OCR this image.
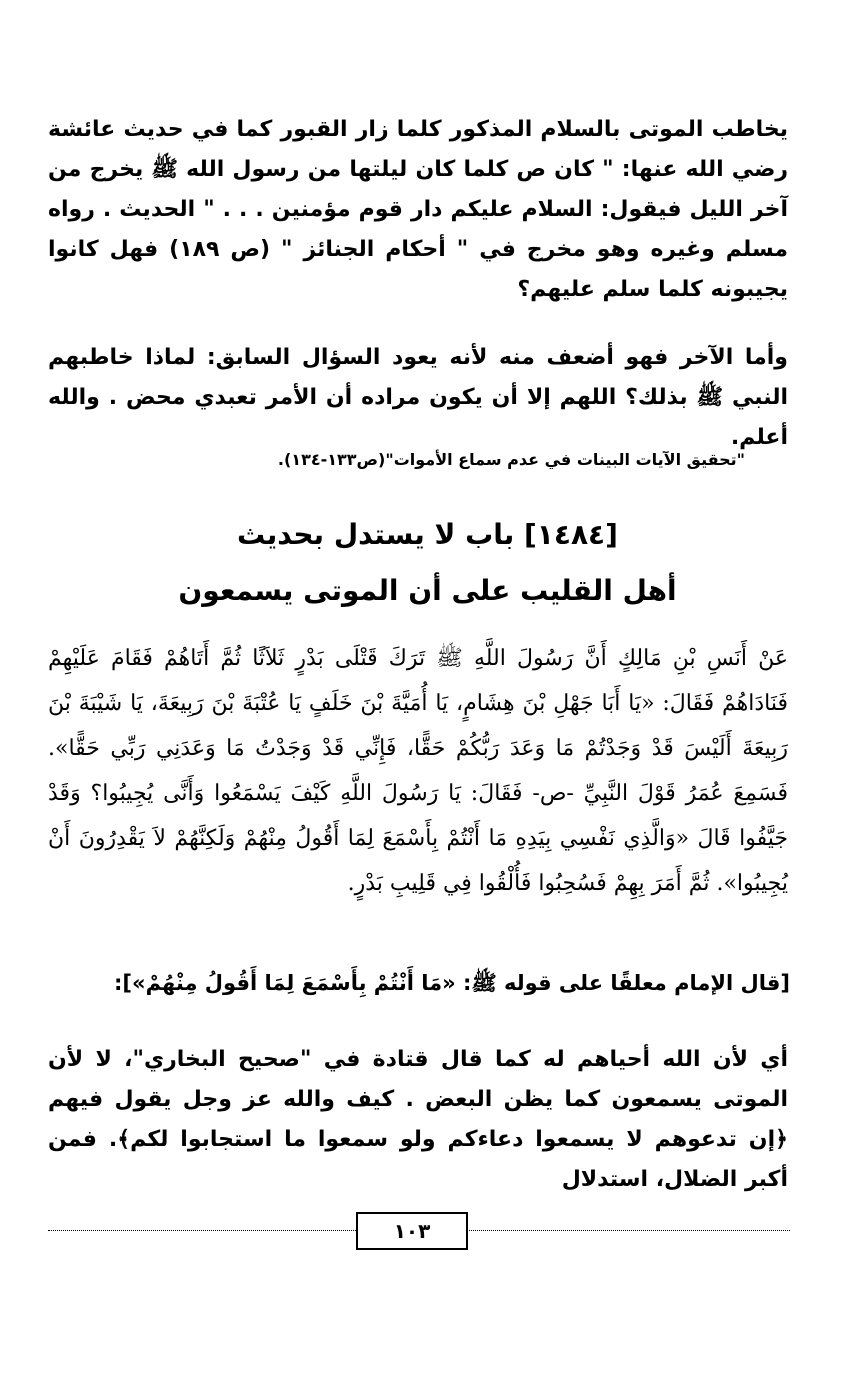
يخاطب الموتى بالسلام المذكور كلما زار القبور كما في حديث عائشة رضي الله عنها: " كان ص كلما كان ليلتها من رسول الله ﷺ يخرج من آخر الليل فيقول: السلام عليكم دار قوم مؤمنين . . . " الحديث . رواه مسلم وغيره وهو مخرج في " أحكام الجنائز " (ص ١٨٩) فهل كانوا يجيبونه كلما سلم عليهم؟
وأما الآخر فهو أضعف منه لأنه يعود السؤال السابق: لماذا خاطبهم النبي ﷺ بذلك؟ اللهم إلا أن يكون مراده أن الأمر تعبدي محض . والله أعلم.
"تحقيق الآيات البينات في عدم سماع الأموات"(ص١٣٣-١٣٤).
[١٤٨٤] باب لا يستدل بحديث
أهل القليب على أن الموتى يسمعون
عَنْ أَنَسِ بْنِ مَالِكٍ أَنَّ رَسُولَ اللَّهِ ﷺ تَرَكَ قَتْلَى بَدْرٍ ثَلاَثًا ثُمَّ أَتَاهُمْ فَقَامَ عَلَيْهِمْ فَنَادَاهُمْ فَقَالَ: «يَا أَبَا جَهْلِ بْنَ هِشَامٍ، يَا أُمَيَّةَ بْنَ خَلَفٍ يَا عُتْبَةَ بْنَ رَبِيعَةَ، يَا شَيْبَةَ بْنَ رَبِيعَةَ أَلَيْسَ قَدْ وَجَدْتُمْ مَا وَعَدَ رَبُّكُمْ حَقًّا، فَإِنِّي قَدْ وَجَدْتُ مَا وَعَدَنِي رَبِّي حَقًّا». فَسَمِعَ عُمَرُ قَوْلَ النَّبِيِّ -ص- فَقَالَ: يَا رَسُولَ اللَّهِ كَيْفَ يَسْمَعُوا وَأَنَّى يُجِيبُوا؟ وَقَدْ جَيَّفُوا قَالَ «وَالَّذِي نَفْسِي بِيَدِهِ مَا أَنْتُمْ بِأَسْمَعَ لِمَا أَقُولُ مِنْهُمْ وَلَكِنَّهُمْ لاَ يَقْدِرُونَ أَنْ يُجِيبُوا». ثُمَّ أَمَرَ بِهِمْ فَسُحِبُوا فَأُلْقُوا فِي قَلِيبِ بَدْرٍ.
[قال الإمام معلقًا على قوله ﷺ: «مَا أَنْتُمْ بِأَسْمَعَ لِمَا أَقُولُ مِنْهُمْ»]:
أي لأن الله أحياهم له كما قال قتادة في "صحيح البخاري"، لا لأن الموتى يسمعون كما يظن البعض . كيف والله عز وجل يقول فيهم ﴿إن تدعوهم لا يسمعوا دعاءكم ولو سمعوا ما استجابوا لكم﴾. فمن أكبر الضلال، استدلال
١٠٣
